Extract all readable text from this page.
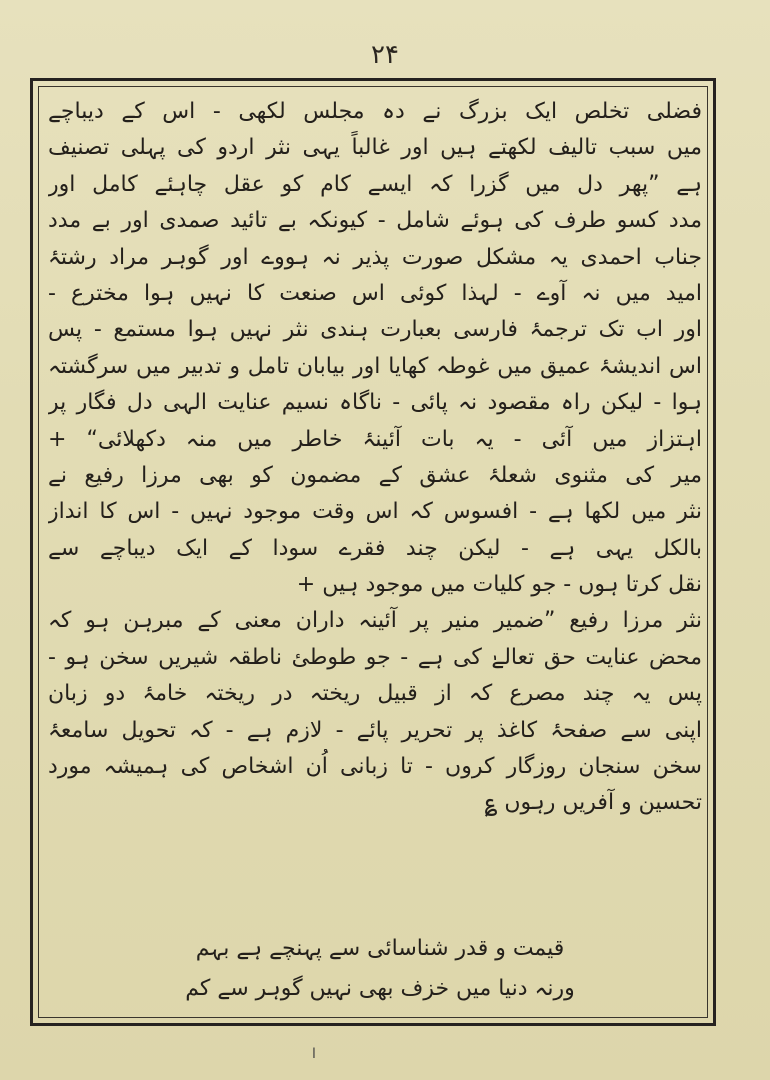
۲۴
فضلی تخلص ایک بزرگ نے دہ مجلس لکھی - اس کے دیباچے
میں سبب تالیف لکھتے ہیں اور غالباً یہی نثر اردو کی پہلی تصنیف
ہے ”پھر دل میں گزرا کہ ایسے کام کو عقل چاہئے کامل اور
مدد کسو طرف کی ہوئے شامل - کیونکہ بے تائید صمدی اور بے مدد
جناب احمدی یہ مشکل صورت پذیر نہ ہووے اور گوہر مراد رشتۂ
امید میں نہ آوے - لہذا کوئی اس صنعت کا نہیں ہوا مخترع -
اور اب تک ترجمۂ فارسی بعبارت ہندی نثر نہیں ہوا مستمع - پس
اس اندیشۂ عمیق میں غوطہ کھایا اور بیابان تامل و تدبیر میں سرگشتہ
ہوا - لیکن راہ مقصود نہ پائی - ناگاہ نسیم عنایت الہی دل فگار پر
اہتزاز میں آئی - یہ بات آئینۂ خاطر میں منہ دکھلائی“ +
میر کی مثنوی شعلۂ عشق کے مضمون کو بھی مرزا رفیع نے
نثر میں لکھا ہے - افسوس کہ اس وقت موجود نہیں - اس کا انداز
بالکل یہی ہے - لیکن چند فقرے سودا کے ایک دیباچے سے
نقل کرتا ہوں - جو کلیات میں موجود ہیں +
نثر مرزا رفیع ”ضمیر منیر پر آئینہ داران معنی کے مبرہن ہو کہ
محض عنایت حق تعالےٰ کی ہے - جو طوطئ ناطقہ شیریں سخن ہو -
پس یہ چند مصرع کہ از قبیل ریختہ در ریختہ خامۂ دو زبان
اپنی سے صفحۂ کاغذ پر تحریر پائے - لازم ہے - کہ تحویل سامعۂ
سخن سنجان روزگار کروں - تا زبانی اُن اشخاص کی ہمیشہ مورد
تحسین و آفریں رہوں ؏
قیمت و قدر شناسائی سے پہنچے ہے بہم
ورنہ دنیا میں خزف بھی نہیں گوہر سے کم
ا
